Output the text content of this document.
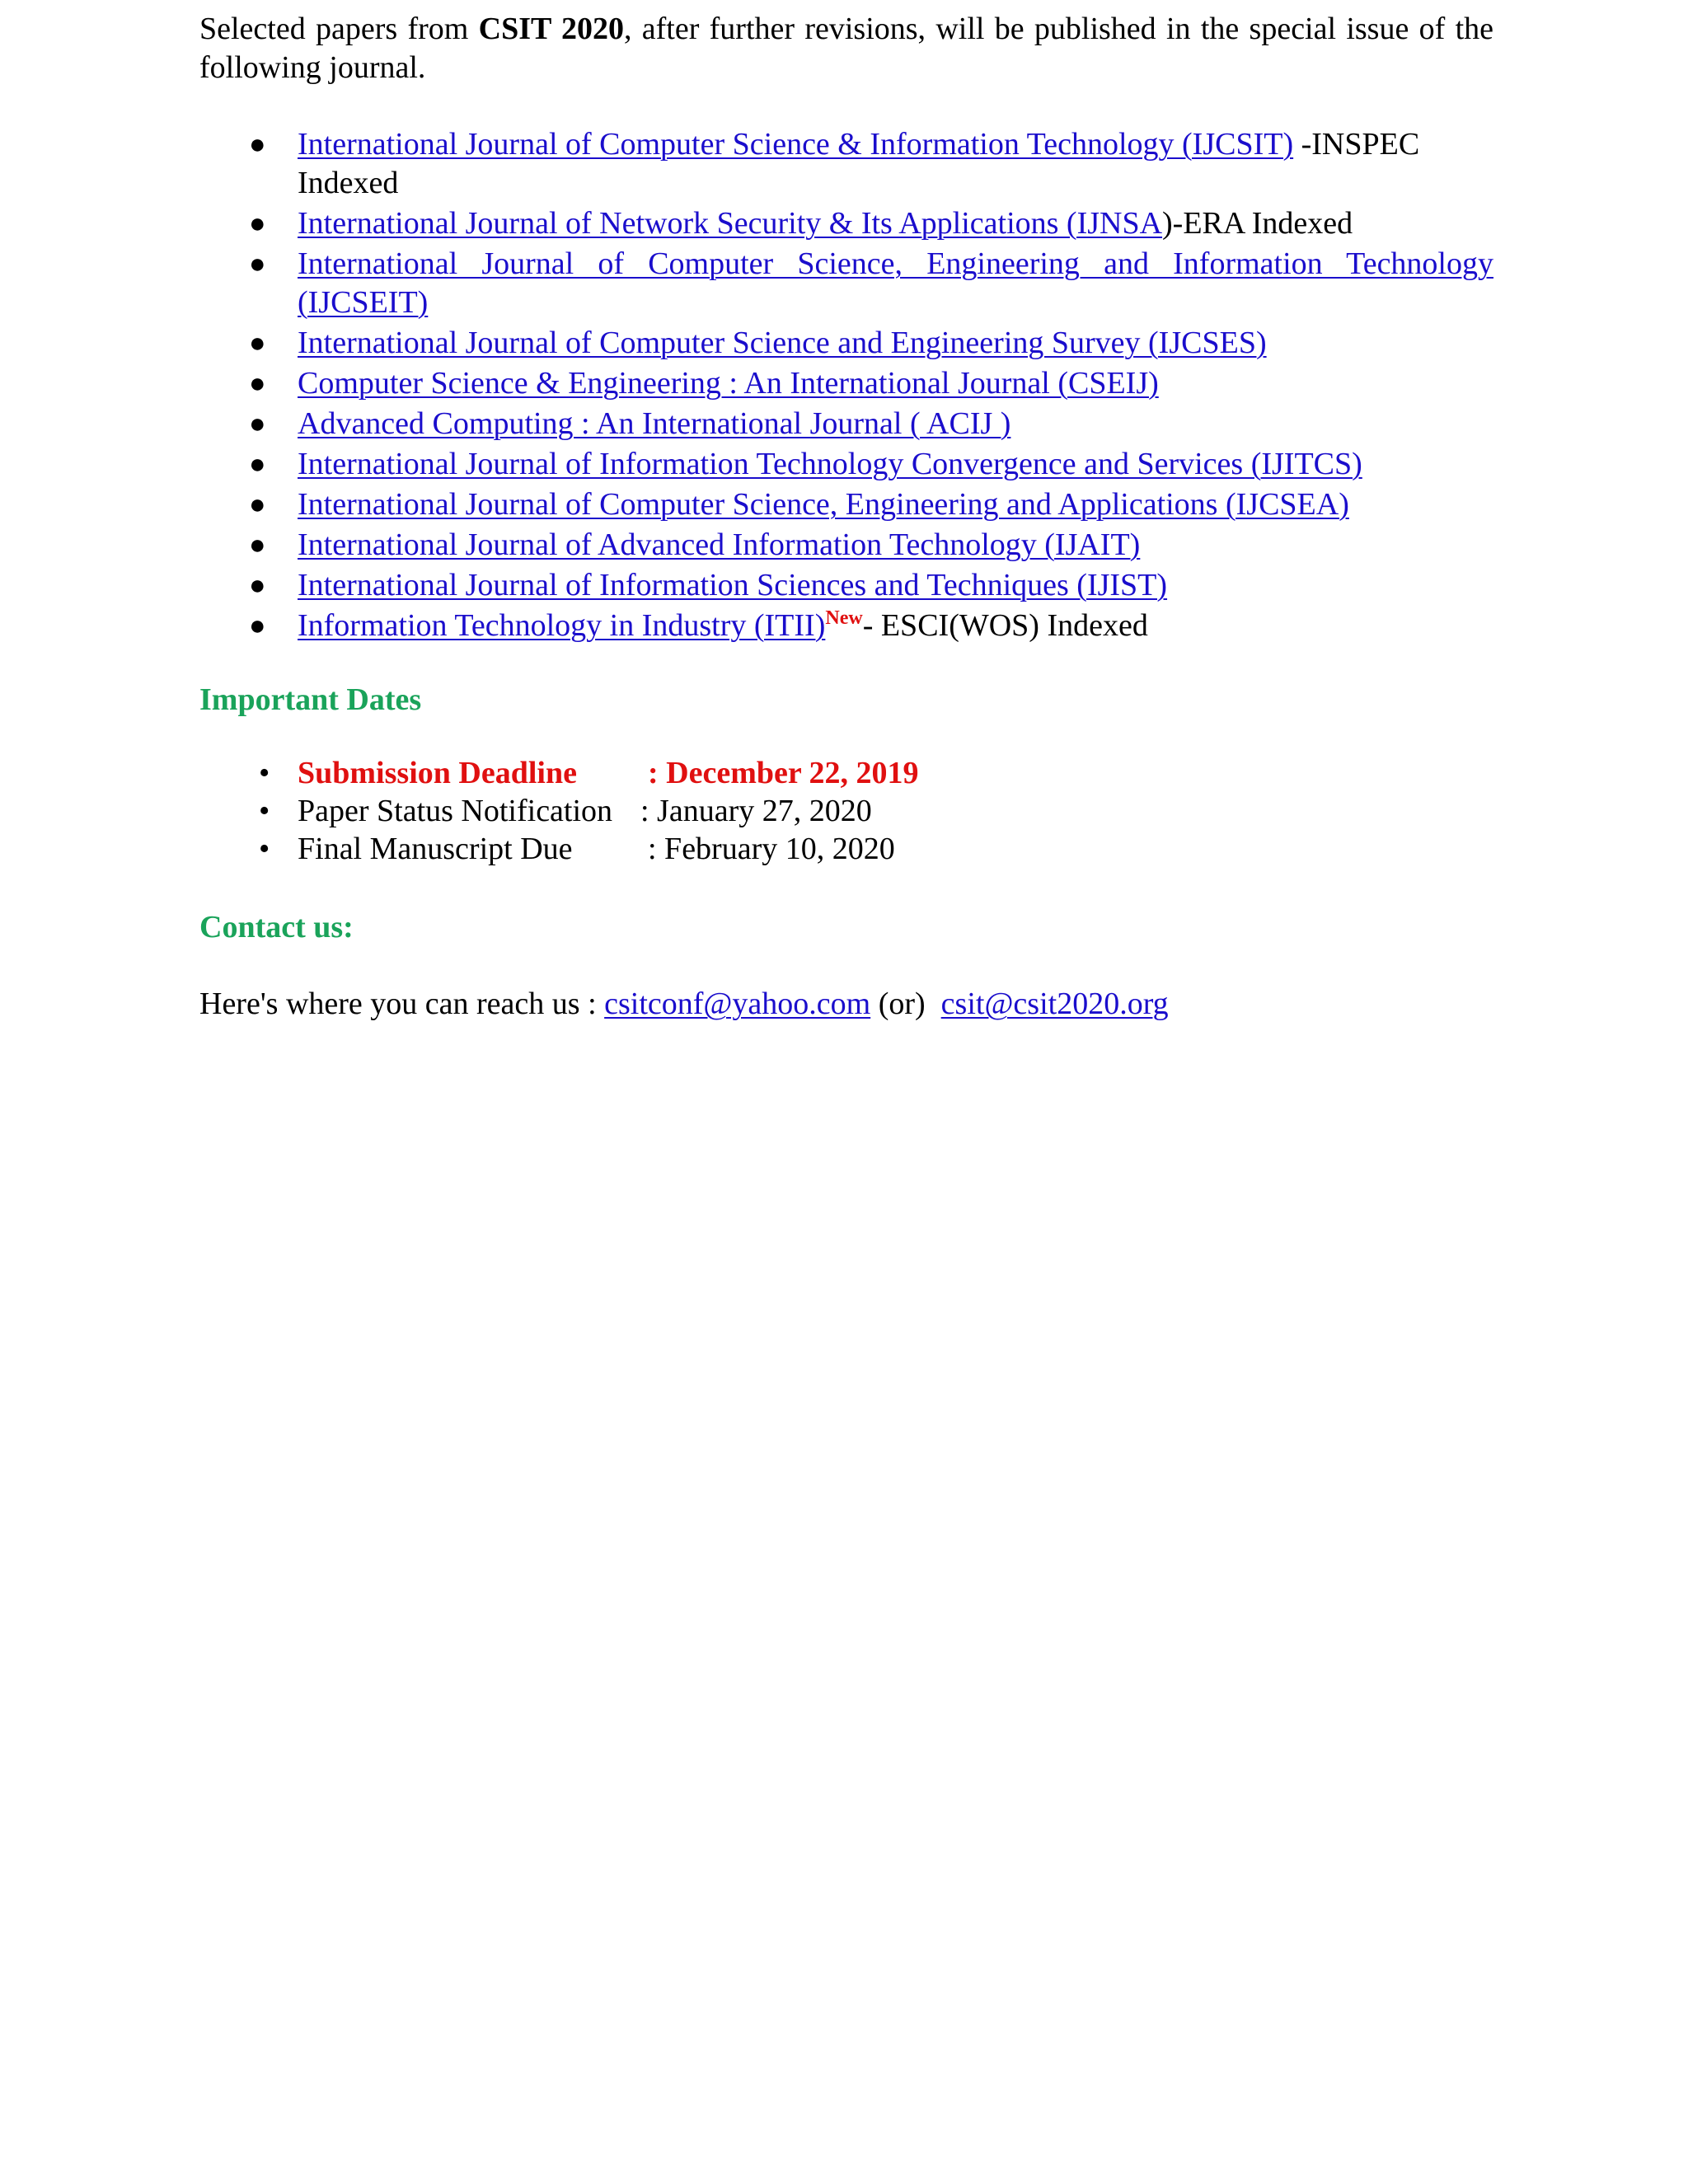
Selected papers from CSIT 2020, after further revisions, will be published in the special issue of the following journal.

● International Journal of Computer Science & Information Technology (IJCSIT) -INSPEC Indexed
● International Journal of Network Security & Its Applications (IJNSA)-ERA Indexed
● International Journal of Computer Science, Engineering and Information Technology (IJCSEIT)
● International Journal of Computer Science and Engineering Survey (IJCSES)
● Computer Science & Engineering : An International Journal (CSEIJ)
● Advanced Computing : An International Journal ( ACIJ )
● International Journal of Information Technology Convergence and Services (IJITCS)
● International Journal of Computer Science, Engineering and Applications (IJCSEA)
● International Journal of Advanced Information Technology (IJAIT)
● International Journal of Information Sciences and Techniques (IJIST)
● Information Technology in Industry (ITII)$^{New}$- ESCI(WOS) Indexed
Important Dates
• Submission Deadline : December 22, 2019
• Paper Status Notification : January 27, 2020
• Final Manuscript Due : February 10, 2020
Contact us:

Here's where you can reach us : csitconf@yahoo.com (or)  csit@csit2020.org
